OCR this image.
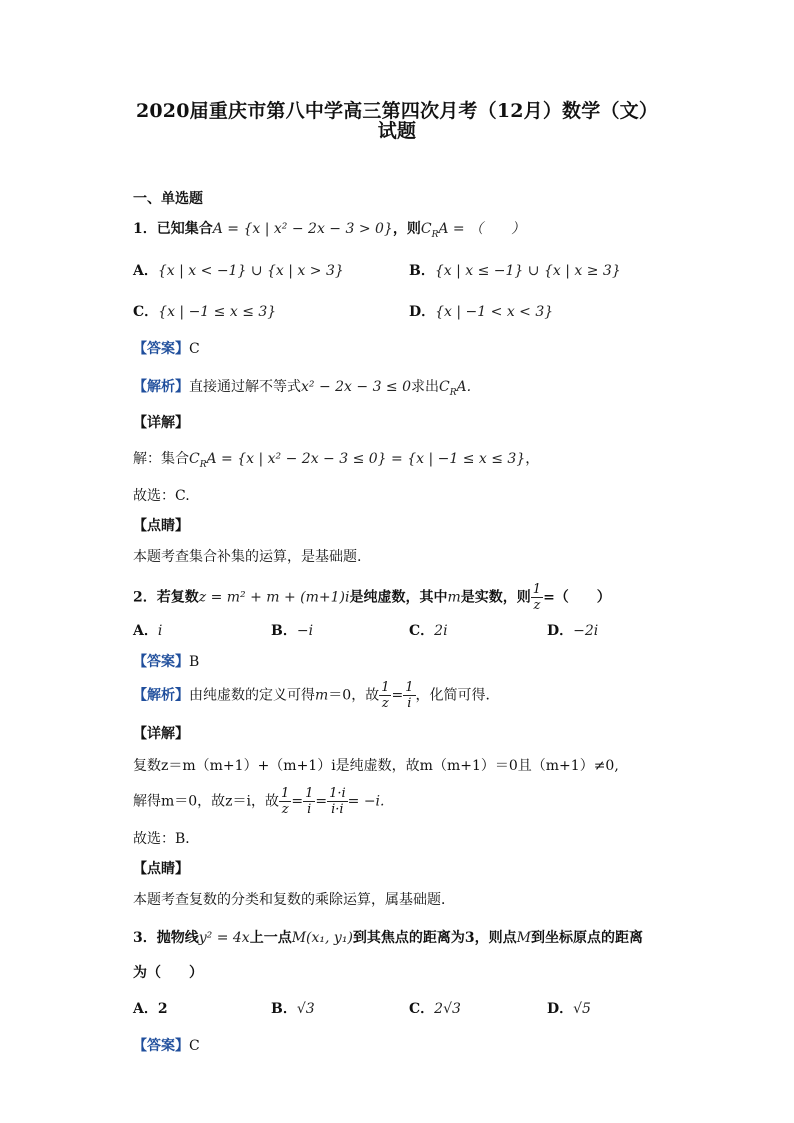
2020届重庆市第八中学高三第四次月考（12月）数学（文）
试题
一、单选题
1．已知集合A = {x | x² − 2x − 3 > 0}，则$C_RA$ = （　　）
A．{x | x < −1} ∪ {x | x > 3}	B．{x | x ≤ −1} ∪ {x | x ≥ 3}
C．{x | −1 ≤ x ≤ 3}	D．{x | −1 < x < 3}
【答案】C
【解析】直接通过解不等式x² − 2x − 3 ≤ 0求出$C_RA$.
【详解】
解：集合$C_RA = \{x$ | x² − 2x − 3 ≤ 0} = {x | −1 ≤ x ≤ 3}，
故选：C.
【点睛】
本题考查集合补集的运算，是基础题.
2．若复数z = m² + m + (m+1)i是纯虚数，其中m是实数，则 $\frac{1}{z}$ =（　　）
A．i	B．−i	C．2i	D．−2i
【答案】B
【解析】由纯虚数的定义可得m＝0，故 $\frac{1}{z} = \frac{1}{i}$ ，化简可得．
【详解】
复数z＝m（m+1）+（m+1）i是纯虚数，故m（m+1）＝0且（m+1）≠0,
解得m＝0，故z＝i，故 $\frac{1}{z} = \frac{1}{i} = \frac{1\cdot i}{i\cdot i} = -i$.
故选：B．
【点睛】
本题考查复数的分类和复数的乘除运算，属基础题．
3．抛物线y² = 4x上一点M(x₁, y₁)到其焦点的距离为3，则点M到坐标原点的距离
为（　　）
A．2	B．√3	C．2√3	D．√5
【答案】C
